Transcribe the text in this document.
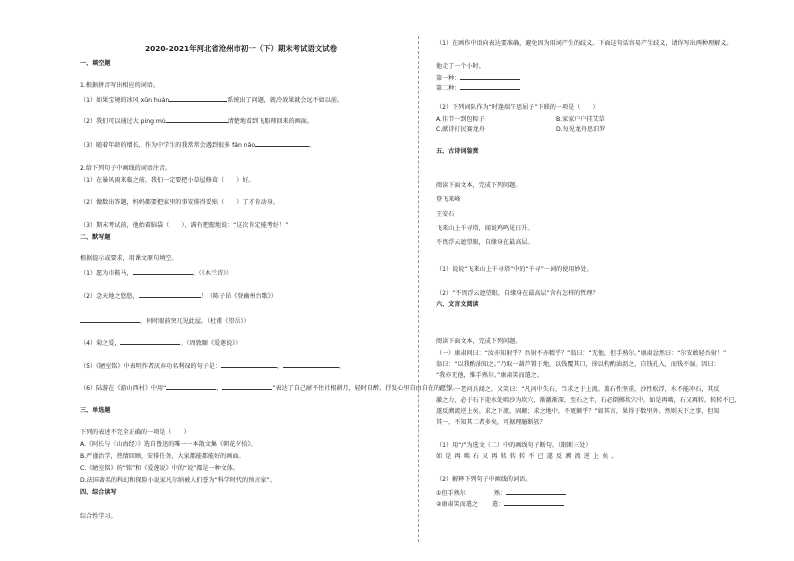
2020-2021年河北省沧州市初一（下）期末考试语文试卷
一、填空题
1.根据拼音写出相应的词语。
（1）如果宝境的冰风 xūn huán	系统出了问题，就冷效果就会远不如以前。
（2）我们可以通过大 ping mù	清楚地看到飞船师回来的画面。
（3）随着年龄的增长，作为中学生的我常常会遇到很多 fán nǎo	。
2.给下列句子中画线的词语注音。
（1）在暴风雨来临之前，我们一定要把小草屋修葺（　　）好。
（2）做数出答题，妈妈都要把家里的事安排得妥贴（　　）了才肯动身。
（3）期末考试前，他抬着脑袋（　　），满有把握地说：“这次肯定能考好！”
二、默写题
根据提示或要求，用课文原句填空。
（1）愿为市鞍马，	。（《木兰诗》）
（2）念天地之悠悠，	！（陈子昂《登幽州台歌》）
，何时眼前突兀见此屋。（杜甫《望岳》）
（4）菊之爱，	。（周敦颐《爱莲说》）
（5）《陋室铭》中表明作者厌弃功名利禄的句子是：	，	。
（6）陆游在《游山西村》中用“	，	”表达了自己耐不住社根耕月，轻时自醉，抒发心里自由自在的愿望。
三、单选题
下列的表述不完全正确的一项是（　　）
A.《阿长与〈山海经〉》选自鲁迅的唯一一本散文集《朝花夕拾》。
B.严谨治学，热情回顾，安排任务，大家都能都能好的画面。
C.《陋室铭》的“铭”和《爱莲说》中的“说”都是一种文体。
D.法国著名的科幻和探险小说家凡尔纳被人们誉为“科学时代的预言家”。
四、综合读写
综合性学习。
（1）在画作中语向表达要准确，避免因为用词产生的歧义。下面这句话容易产生歧义，请你写出两种理解义。
他走了一个小时。
第一种：
第二种：
（2）下列词队作为“时逢端午思屈子”下联的一项是（　　）
A.佳节一到包粽子	B.家家户户挂艾草
C.献诗打民赛龙舟	D.每见龙舟思汨罗
五、古诗词鉴赏
阅读下面文本，完成下列问题。
登飞来峰
王安石
飞来山上千寻塔，闻说鸡鸣见日升。
不畏浮云遮望眼，自缘身在最高层。
（1）说说“飞来山上千寻塔”中的“千寻”一词的使用妙处。
（2）“不畏浮云遮望眼，自缘身在最高层”含有怎样的哲理？
六、文言文阅读
阅读下面文本，完成下列问题。
（一）康肃问曰：“汝亦知射乎？吾射不亦精乎？”翁曰：“无他，但手熟尔。”康肃忿然曰：“尔安敢轻吾射！”
翁曰：“以我酌油知之。”乃取一葫芦置于地，以钱覆其口，徐以杓酌油沥之，自钱孔入，而钱不湿。因曰：
“我亦无他，惟手熟尔。”康肃笑而遣之。
（二）一老河兵闻之，又笑曰：“凡河中失石，当求之于上流。盖石性坚重，沙性松浮，水不能冲石，其反
激之力，必于石下迎水处啮沙为坎穴，渐激渐深，至石之半，石必倒掷坎穴中。如是再啮，石又再转。转转不已，
遂反溯流逆上矣。求之下流，固颠；求之地中，不更颠乎？”如其言，果得于数里外。然则天下之事，但知
其一，不知其二者多矣，可据理臆断欤？
（1）用“/”为选文（二）中的画线句子断句。（限断三处）
如 是 再 啮 石 又 再 转 转 转 不 已 遂 反 溯 流 逆 上 矣 。
（2）解释下列句子中画线的词语。
①但手熟尔	熟：
②康肃笑而遣之 遣：
